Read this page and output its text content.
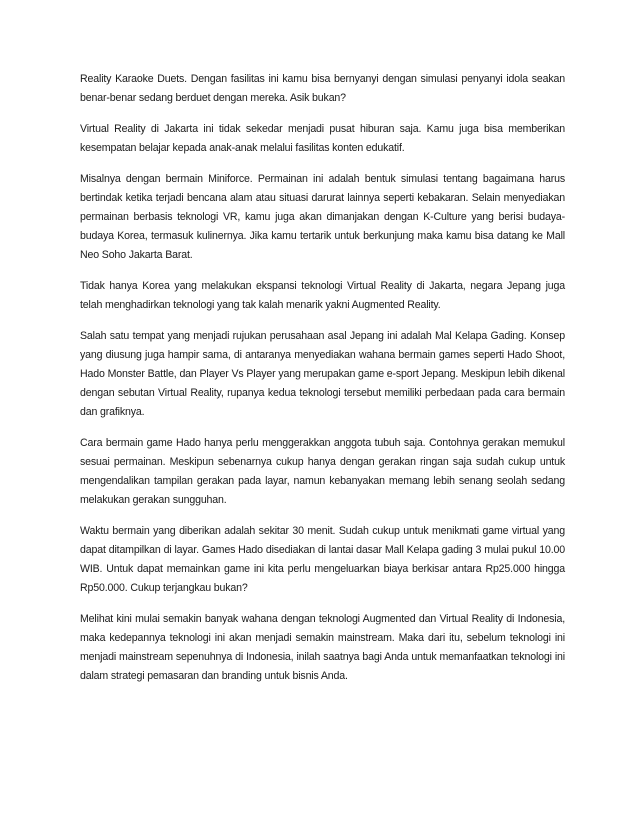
Reality Karaoke Duets. Dengan fasilitas ini kamu bisa bernyanyi dengan simulasi penyanyi idola seakan benar-benar sedang berduet dengan mereka. Asik bukan?

Virtual Reality di Jakarta ini tidak sekedar menjadi pusat hiburan saja. Kamu juga bisa memberikan kesempatan belajar kepada anak-anak melalui fasilitas konten edukatif.

Misalnya dengan bermain Miniforce. Permainan ini adalah bentuk simulasi tentang bagaimana harus bertindak ketika terjadi bencana alam atau situasi darurat lainnya seperti kebakaran. Selain menyediakan permainan berbasis teknologi VR, kamu juga akan dimanjakan dengan K-Culture yang berisi budaya-budaya Korea, termasuk kulinernya. Jika kamu tertarik untuk berkunjung maka kamu bisa datang ke Mall Neo Soho Jakarta Barat.

Tidak hanya Korea yang melakukan ekspansi teknologi Virtual Reality di Jakarta, negara Jepang juga telah menghadirkan teknologi yang tak kalah menarik yakni Augmented Reality.

Salah satu tempat yang menjadi rujukan perusahaan asal Jepang ini adalah Mal Kelapa Gading. Konsep yang diusung juga hampir sama, di antaranya menyediakan wahana bermain games seperti Hado Shoot, Hado Monster Battle, dan Player Vs Player yang merupakan game e-sport Jepang. Meskipun lebih dikenal dengan sebutan Virtual Reality, rupanya kedua teknologi tersebut memiliki perbedaan pada cara bermain dan grafiknya.

Cara bermain game Hado hanya perlu menggerakkan anggota tubuh saja. Contohnya gerakan memukul sesuai permainan. Meskipun sebenarnya cukup hanya dengan gerakan ringan saja sudah cukup untuk mengendalikan tampilan gerakan pada layar, namun kebanyakan memang lebih senang seolah sedang melakukan gerakan sungguhan.

Waktu bermain yang diberikan adalah sekitar 30 menit. Sudah cukup untuk menikmati game virtual yang dapat ditampilkan di layar. Games Hado disediakan di lantai dasar Mall Kelapa gading 3 mulai pukul 10.00 WIB. Untuk dapat memainkan game ini kita perlu mengeluarkan biaya berkisar antara Rp25.000 hingga Rp50.000. Cukup terjangkau bukan?

Melihat kini mulai semakin banyak wahana dengan teknologi Augmented dan Virtual Reality di Indonesia, maka kedepannya teknologi ini akan menjadi semakin mainstream. Maka dari itu, sebelum teknologi ini menjadi mainstream sepenuhnya di Indonesia, inilah saatnya bagi Anda untuk memanfaatkan teknologi ini dalam strategi pemasaran dan branding untuk bisnis Anda.
